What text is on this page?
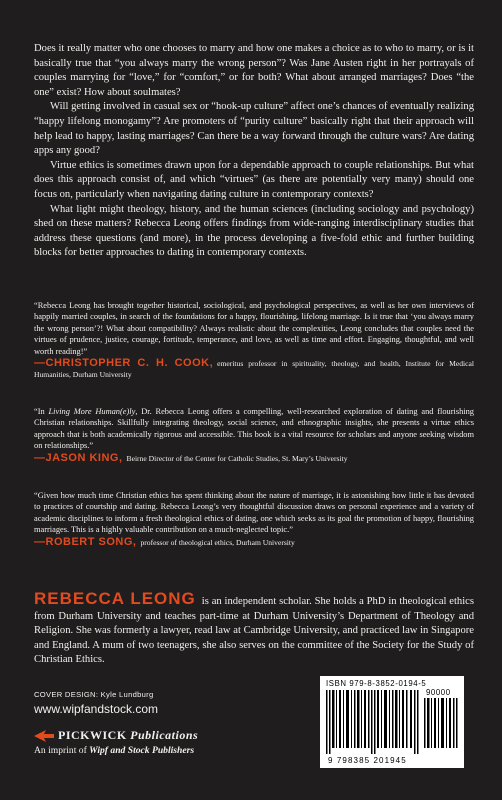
Does it really matter who one chooses to marry and how one makes a choice as to who to marry, or is it basically true that “you always marry the wrong person”? Was Jane Austen right in her portrayals of couples marrying for “love,” for “comfort,” or for both? What about arranged marriages? Does “the one” exist? How about soulmates?

Will getting involved in casual sex or “hook-up culture” affect one’s chances of eventually realizing “happy lifelong monogamy”? Are promoters of “purity culture” basically right that their approach will help lead to happy, lasting marriages? Can there be a way forward through the culture wars? Are dating apps any good?

Virtue ethics is sometimes drawn upon for a dependable approach to couple relationships. But what does this approach consist of, and which “virtues” (as there are potentially very many) should one focus on, particularly when navigating dating culture in contemporary contexts?

What light might theology, history, and the human sciences (including sociology and psychology) shed on these matters? Rebecca Leong offers findings from wide-ranging interdisciplinary studies that address these questions (and more), in the process developing a five-fold ethic and further building blocks for better approaches to dating in contemporary contexts.

“Rebecca Leong has brought together historical, sociological, and psychological perspectives, as well as her own interviews of happily married couples, in search of the foundations for a happy, flourishing, lifelong marriage. Is it true that ‘you always marry the wrong person’?! What about compatibility? Always realistic about the complexities, Leong concludes that couples need the virtues of prudence, justice, courage, fortitude, temperance, and love, as well as time and effort. Engaging, thoughtful, and well worth reading!”

—CHRISTOPHER C. H. COOK, emeritus professor in spirituality, theology, and health, Institute for Medical Humanities, Durham University

“In Living More Human(e)ly, Dr. Rebecca Leong offers a compelling, well-researched exploration of dating and flourishing Christian relationships. Skillfully integrating theology, social science, and ethnographic insights, she presents a virtue ethics approach that is both academically rigorous and accessible. This book is a vital resource for scholars and anyone seeking wisdom on relationships.”

—JASON KING, Beirne Director of the Center for Catholic Studies, St. Mary’s University

“Given how much time Christian ethics has spent thinking about the nature of marriage, it is astonishing how little it has devoted to practices of courtship and dating. Rebecca Leong’s very thoughtful discussion draws on personal experience and a variety of academic disciplines to inform a fresh theological ethics of dating, one which seeks as its goal the promotion of happy, flourishing marriages. This is a highly valuable contribution on a much-neglected topic.”

—ROBERT SONG, professor of theological ethics, Durham University
REBECCA LEONG is an independent scholar. She holds a PhD in theological ethics from Durham University and teaches part-time at Durham University’s Department of Theology and Religion. She was formerly a lawyer, read law at Cambridge University, and practiced law in Singapore and England. A mum of two teenagers, she also serves on the committee of the Society for the Study of Christian Ethics.
COVER DESIGN: Kyle Lundburg
www.wipfandstock.com
PICKWICK Publications
An imprint of Wipf and Stock Publishers
ISBN 979-8-3852-0194-5
90000
9 798385 201945
